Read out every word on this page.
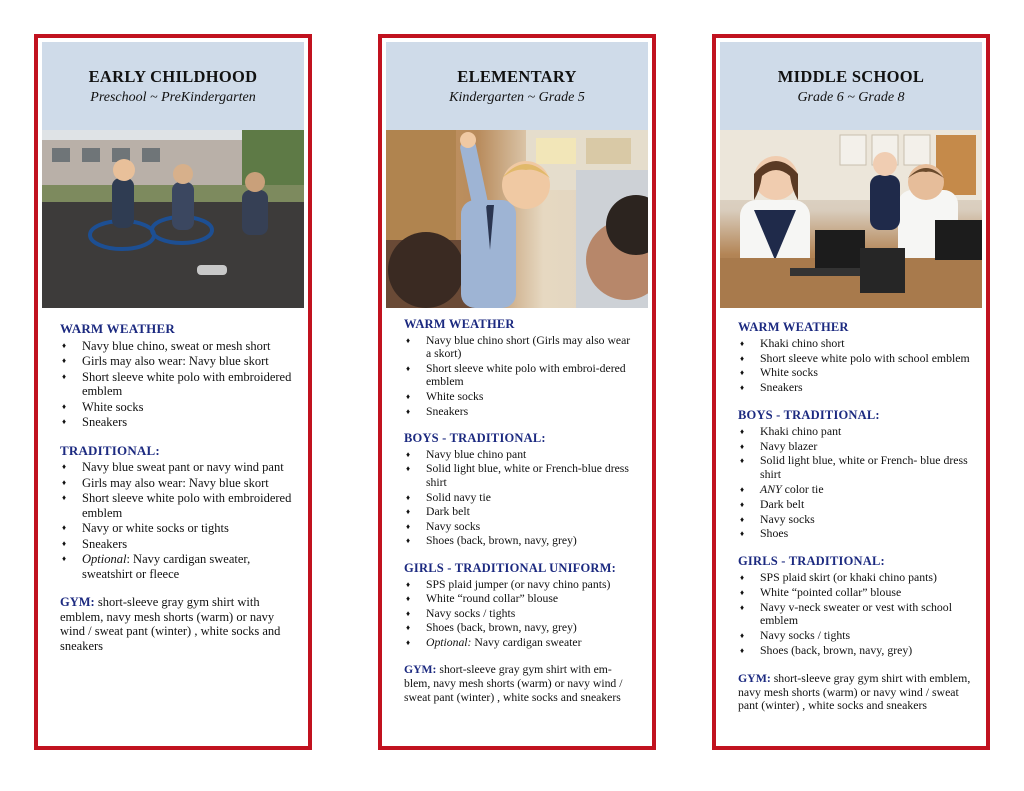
EARLY CHILDHOOD
Preschool ~ PreKindergarten
WARM WEATHER
♦ Navy blue chino, sweat or mesh short
♦ Girls may also wear: Navy blue skort
♦ Short sleeve white polo with embroidered emblem
♦ White socks
♦ Sneakers
TRADITIONAL:
♦ Navy blue sweat pant or navy wind pant
♦ Girls may also wear: Navy blue skort
♦ Short sleeve white polo with embroidered emblem
♦ Navy or white socks or tights
♦ Sneakers
♦ Optional: Navy cardigan sweater, sweatshirt or fleece
GYM: short-sleeve gray gym shirt with emblem, navy mesh shorts (warm) or navy wind / sweat pant (winter) , white socks and sneakers
ELEMENTARY
Kindergarten ~ Grade 5
WARM WEATHER
♦ Navy blue chino short (Girls may also wear a skort)
♦ Short sleeve white polo with embroi-dered emblem
♦ White socks
♦ Sneakers
BOYS - TRADITIONAL:
♦ Navy blue chino pant
♦ Solid light blue, white or French-blue dress shirt
♦ Solid navy tie
♦ Dark belt
♦ Navy socks
♦ Shoes (back, brown, navy, grey)
GIRLS - TRADITIONAL UNIFORM:
♦ SPS plaid jumper (or navy chino pants)
♦ White “round collar” blouse
♦ Navy socks / tights
♦ Shoes (back, brown, navy, grey)
♦ Optional: Navy cardigan sweater
GYM: short-sleeve gray gym shirt with em-blem, navy mesh shorts (warm) or navy wind / sweat pant (winter) , white socks and sneakers
MIDDLE SCHOOL
Grade 6 ~ Grade 8
WARM WEATHER
♦ Khaki chino short
♦ Short sleeve white polo with school emblem
♦ White socks
♦ Sneakers
BOYS - TRADITIONAL:
♦ Khaki chino pant
♦ Navy blazer
♦ Solid light blue, white or French- blue dress shirt
♦ ANY color tie
♦ Dark belt
♦ Navy socks
♦ Shoes
GIRLS - TRADITIONAL:
♦ SPS plaid skirt (or khaki chino pants)
♦ White “pointed collar” blouse
♦ Navy v-neck sweater or vest with school emblem
♦ Navy socks / tights
♦ Shoes (back, brown, navy, grey)
GYM: short-sleeve gray gym shirt with emblem, navy mesh shorts (warm) or navy wind / sweat pant (winter) , white socks and sneakers
